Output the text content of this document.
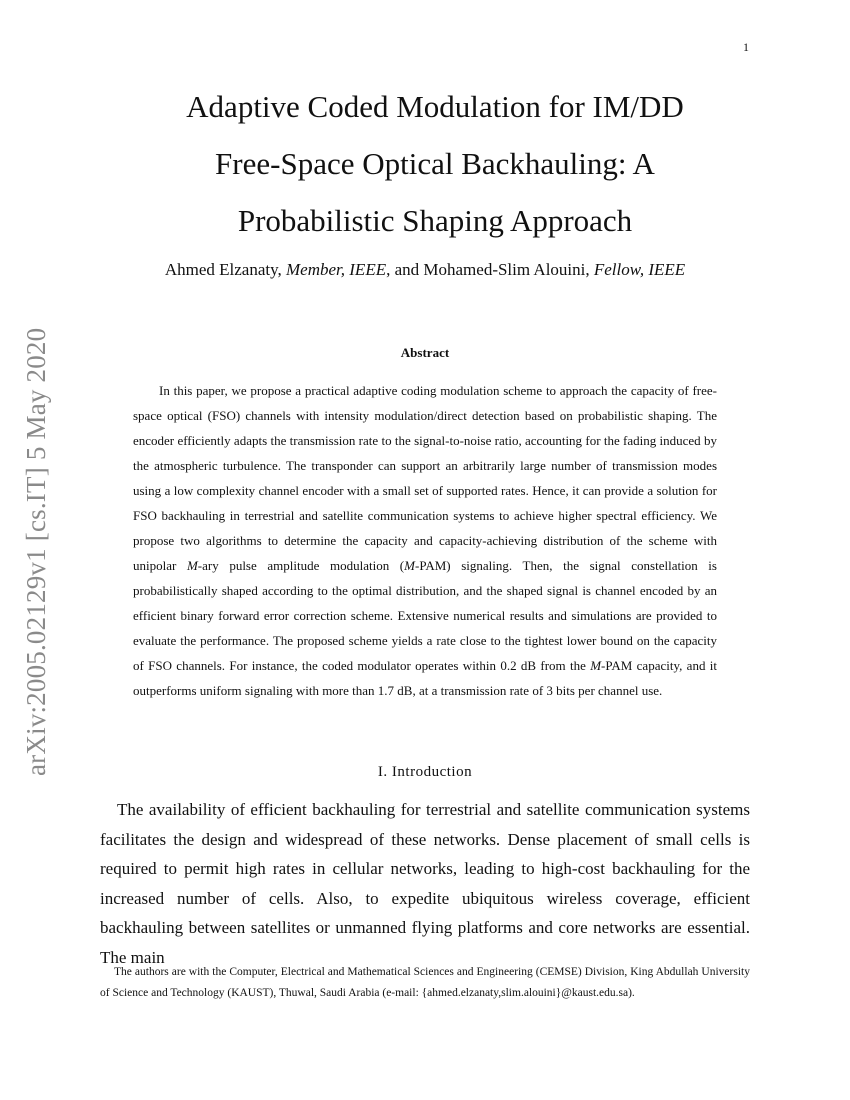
1
arXiv:2005.02129v1 [cs.IT] 5 May 2020
Adaptive Coded Modulation for IM/DD
Free-Space Optical Backhauling: A
Probabilistic Shaping Approach
Ahmed Elzanaty, Member, IEEE, and Mohamed-Slim Alouini, Fellow, IEEE
Abstract
In this paper, we propose a practical adaptive coding modulation scheme to approach the capacity of free-space optical (FSO) channels with intensity modulation/direct detection based on probabilistic shaping. The encoder efficiently adapts the transmission rate to the signal-to-noise ratio, accounting for the fading induced by the atmospheric turbulence. The transponder can support an arbitrarily large number of transmission modes using a low complexity channel encoder with a small set of supported rates. Hence, it can provide a solution for FSO backhauling in terrestrial and satellite communication systems to achieve higher spectral efficiency. We propose two algorithms to determine the capacity and capacity-achieving distribution of the scheme with unipolar M-ary pulse amplitude modulation (M-PAM) signaling. Then, the signal constellation is probabilistically shaped according to the optimal distribution, and the shaped signal is channel encoded by an efficient binary forward error correction scheme. Extensive numerical results and simulations are provided to evaluate the performance. The proposed scheme yields a rate close to the tightest lower bound on the capacity of FSO channels. For instance, the coded modulator operates within 0.2 dB from the M-PAM capacity, and it outperforms uniform signaling with more than 1.7 dB, at a transmission rate of 3 bits per channel use.
I. Introduction
The availability of efficient backhauling for terrestrial and satellite communication systems facilitates the design and widespread of these networks. Dense placement of small cells is required to permit high rates in cellular networks, leading to high-cost backhauling for the increased number of cells. Also, to expedite ubiquitous wireless coverage, efficient backhauling between satellites or unmanned flying platforms and core networks are essential. The main
The authors are with the Computer, Electrical and Mathematical Sciences and Engineering (CEMSE) Division, King Abdullah University of Science and Technology (KAUST), Thuwal, Saudi Arabia (e-mail: {ahmed.elzanaty,slim.alouini}@kaust.edu.sa).
